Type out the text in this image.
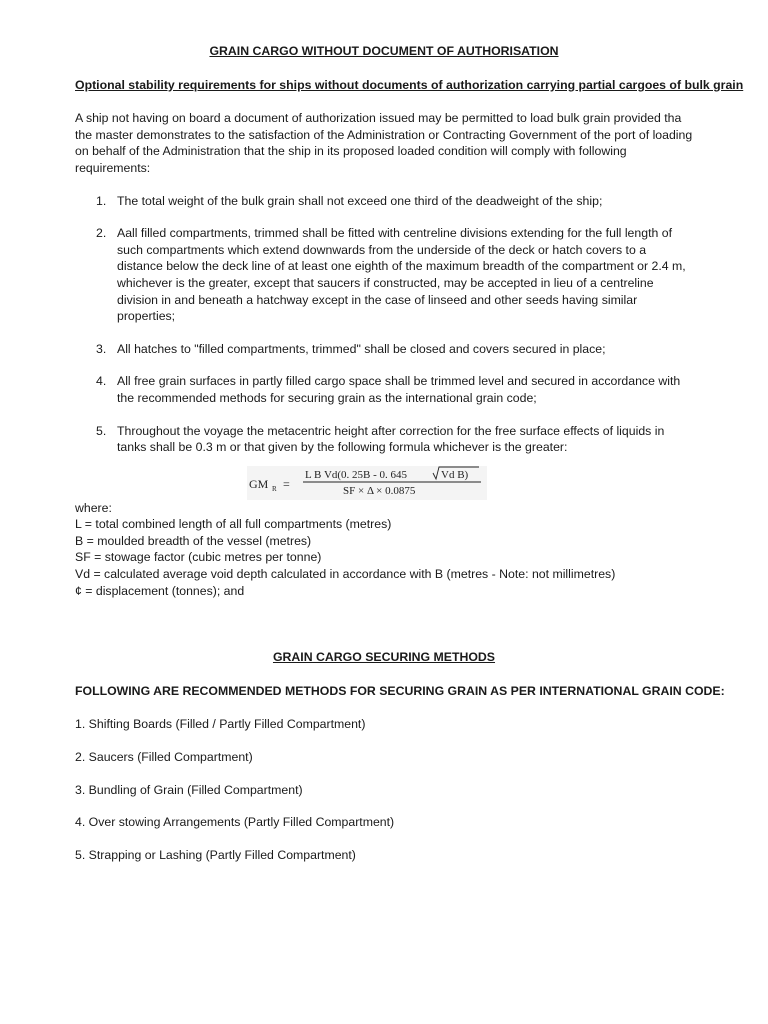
GRAIN CARGO WITHOUT DOCUMENT OF AUTHORISATION

Optional stability requirements for ships without documents of authorization carrying partial cargoes of bulk grain

A ship not having on board a document of authorization issued may be permitted to load bulk grain provided tha the master demonstrates to the satisfaction of the Administration or Contracting Government of the port of loading on behalf of the Administration that the ship in its proposed loaded condition will comply with following requirements:

1. The total weight of the bulk grain shall not exceed one third of the deadweight of the ship;
2. Aall filled compartments, trimmed shall be fitted with centreline divisions extending for the full length of such compartments which extend downwards from the underside of the deck or hatch covers to a distance below the deck line of at least one eighth of the maximum breadth of the compartment or 2.4 m, whichever is the greater, except that saucers if constructed, may be accepted in lieu of a centreline division in and beneath a hatchway except in the case of linseed and other seeds having similar properties;
3. All hatches to "filled compartments, trimmed" shall be closed and covers secured in place;
4. All free grain surfaces in partly filled cargo space shall be trimmed level and secured in accordance with the recommended methods for securing grain as the international grain code;
5. Throughout the voyage the metacentric height after correction for the free surface effects of liquids in tanks shall be 0.3 m or that given by the following formula whichever is the greater:
GM R =
L B Vd(0. 25B - 0. 645	Vd B)
SF × Δ × 0.0875
where:
L = total combined length of all full compartments (metres)
B = moulded breadth of the vessel (metres)
SF = stowage factor (cubic metres per tonne)
Vd = calculated average void depth calculated in accordance with B (metres - Note: not millimetres)
¢ = displacement (tonnes); and

GRAIN CARGO SECURING METHODS

FOLLOWING ARE RECOMMENDED METHODS FOR SECURING GRAIN AS PER INTERNATIONAL GRAIN CODE:

1. Shifting Boards (Filled / Partly Filled Compartment)
2. Saucers (Filled Compartment)
3. Bundling of Grain (Filled Compartment)
4. Over stowing Arrangements (Partly Filled Compartment)
5. Strapping or Lashing (Partly Filled Compartment)
